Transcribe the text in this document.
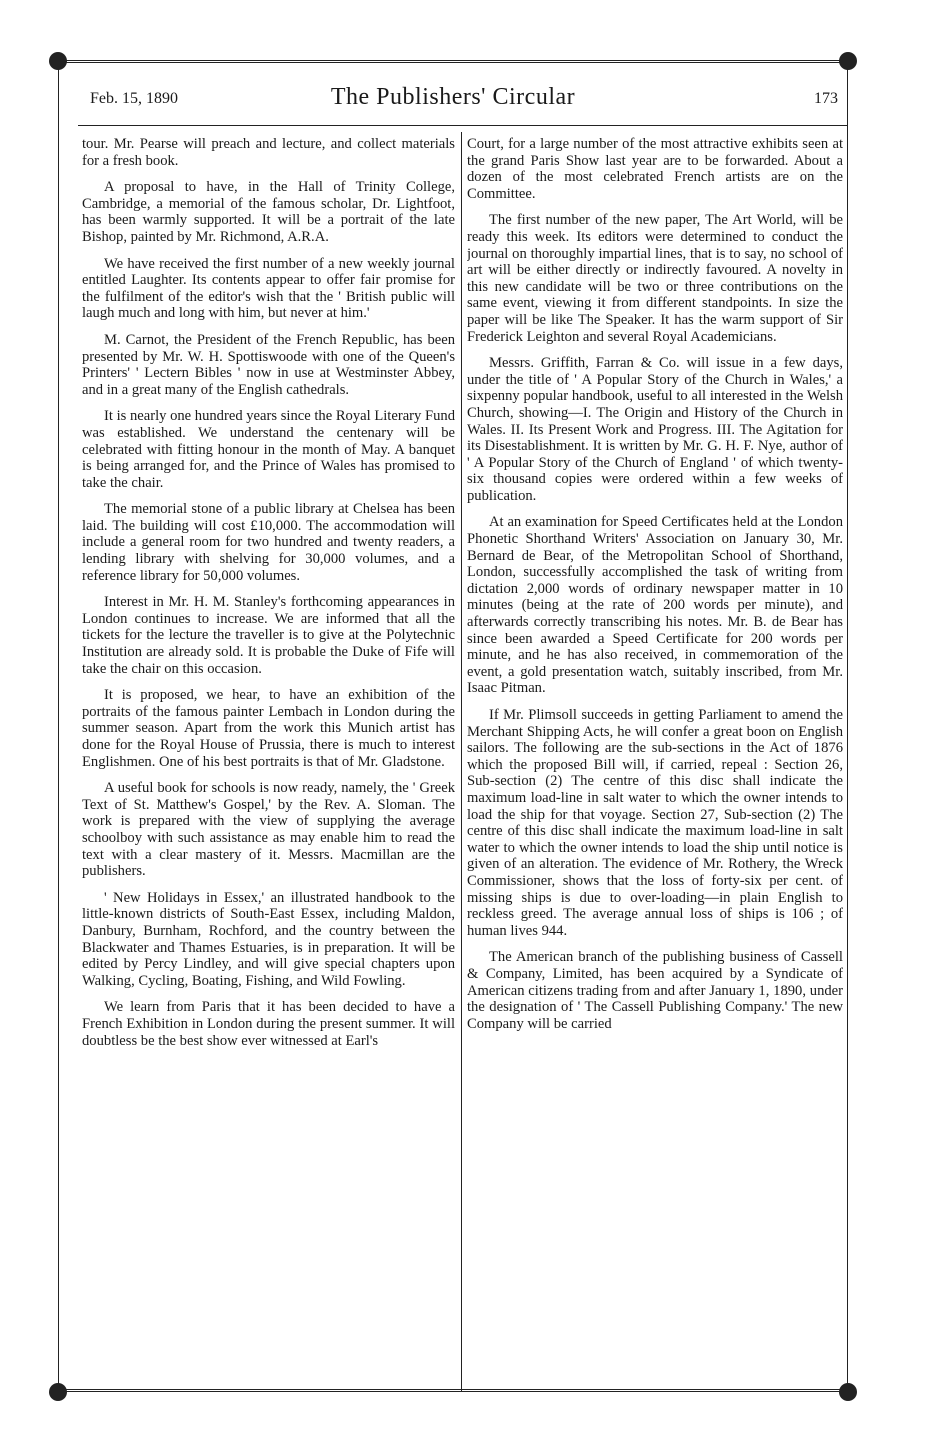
Feb. 15, 1890	The Publishers' Circular	173

tour. Mr. Pearse will preach and lecture, and collect materials for a fresh book.

A proposal to have, in the Hall of Trinity College, Cambridge, a memorial of the famous scholar, Dr. Lightfoot, has been warmly supported. It will be a portrait of the late Bishop, painted by Mr. Richmond, A.R.A.

We have received the first number of a new weekly journal entitled Laughter. Its contents appear to offer fair promise for the fulfilment of the editor's wish that the ' British public will laugh much and long with him, but never at him.'

M. Carnot, the President of the French Republic, has been presented by Mr. W. H. Spottiswoode with one of the Queen's Printers' ' Lectern Bibles ' now in use at Westminster Abbey, and in a great many of the English cathedrals.

It is nearly one hundred years since the Royal Literary Fund was established. We understand the centenary will be celebrated with fitting honour in the month of May. A banquet is being arranged for, and the Prince of Wales has promised to take the chair.

The memorial stone of a public library at Chelsea has been laid. The building will cost £10,000. The accommodation will include a general room for two hundred and twenty readers, a lending library with shelving for 30,000 volumes, and a reference library for 50,000 volumes.

Interest in Mr. H. M. Stanley's forthcoming appearances in London continues to increase. We are informed that all the tickets for the lecture the traveller is to give at the Polytechnic Institution are already sold. It is probable the Duke of Fife will take the chair on this occasion.

It is proposed, we hear, to have an exhibition of the portraits of the famous painter Lembach in London during the summer season. Apart from the work this Munich artist has done for the Royal House of Prussia, there is much to interest Englishmen. One of his best portraits is that of Mr. Gladstone.

A useful book for schools is now ready, namely, the ' Greek Text of St. Matthew's Gospel,' by the Rev. A. Sloman. The work is prepared with the view of supplying the average schoolboy with such assistance as may enable him to read the text with a clear mastery of it. Messrs. Macmillan are the publishers.

' New Holidays in Essex,' an illustrated handbook to the little-known districts of South-East Essex, including Maldon, Danbury, Burnham, Rochford, and the country between the Blackwater and Thames Estuaries, is in preparation. It will be edited by Percy Lindley, and will give special chapters upon Walking, Cycling, Boating, Fishing, and Wild Fowling.

We learn from Paris that it has been decided to have a French Exhibition in London during the present summer. It will doubtless be the best show ever witnessed at Earl's

Court, for a large number of the most attractive exhibits seen at the grand Paris Show last year are to be forwarded. About a dozen of the most celebrated French artists are on the Committee.

The first number of the new paper, The Art World, will be ready this week. Its editors were determined to conduct the journal on thoroughly impartial lines, that is to say, no school of art will be either directly or indirectly favoured. A novelty in this new candidate will be two or three contributions on the same event, viewing it from different standpoints. In size the paper will be like The Speaker. It has the warm support of Sir Frederick Leighton and several Royal Academicians.

Messrs. Griffith, Farran & Co. will issue in a few days, under the title of ' A Popular Story of the Church in Wales,' a sixpenny popular handbook, useful to all interested in the Welsh Church, showing—I. The Origin and History of the Church in Wales. II. Its Present Work and Progress. III. The Agitation for its Disestablishment. It is written by Mr. G. H. F. Nye, author of ' A Popular Story of the Church of England ' of which twenty-six thousand copies were ordered within a few weeks of publication.

At an examination for Speed Certificates held at the London Phonetic Shorthand Writers' Association on January 30, Mr. Bernard de Bear, of the Metropolitan School of Shorthand, London, successfully accomplished the task of writing from dictation 2,000 words of ordinary newspaper matter in 10 minutes (being at the rate of 200 words per minute), and afterwards correctly transcribing his notes. Mr. B. de Bear has since been awarded a Speed Certificate for 200 words per minute, and he has also received, in commemoration of the event, a gold presentation watch, suitably inscribed, from Mr. Isaac Pitman.

If Mr. Plimsoll succeeds in getting Parliament to amend the Merchant Shipping Acts, he will confer a great boon on English sailors. The following are the sub-sections in the Act of 1876 which the proposed Bill will, if carried, repeal : Section 26, Sub-section (2) The centre of this disc shall indicate the maximum load-line in salt water to which the owner intends to load the ship for that voyage. Section 27, Sub-section (2) The centre of this disc shall indicate the maximum load-line in salt water to which the owner intends to load the ship until notice is given of an alteration. The evidence of Mr. Rothery, the Wreck Commissioner, shows that the loss of forty-six per cent. of missing ships is due to over-loading—in plain English to reckless greed. The average annual loss of ships is 106 ; of human lives 944.

The American branch of the publishing business of Cassell & Company, Limited, has been acquired by a Syndicate of American citizens trading from and after January 1, 1890, under the designation of ' The Cassell Publishing Company.' The new Company will be carried
